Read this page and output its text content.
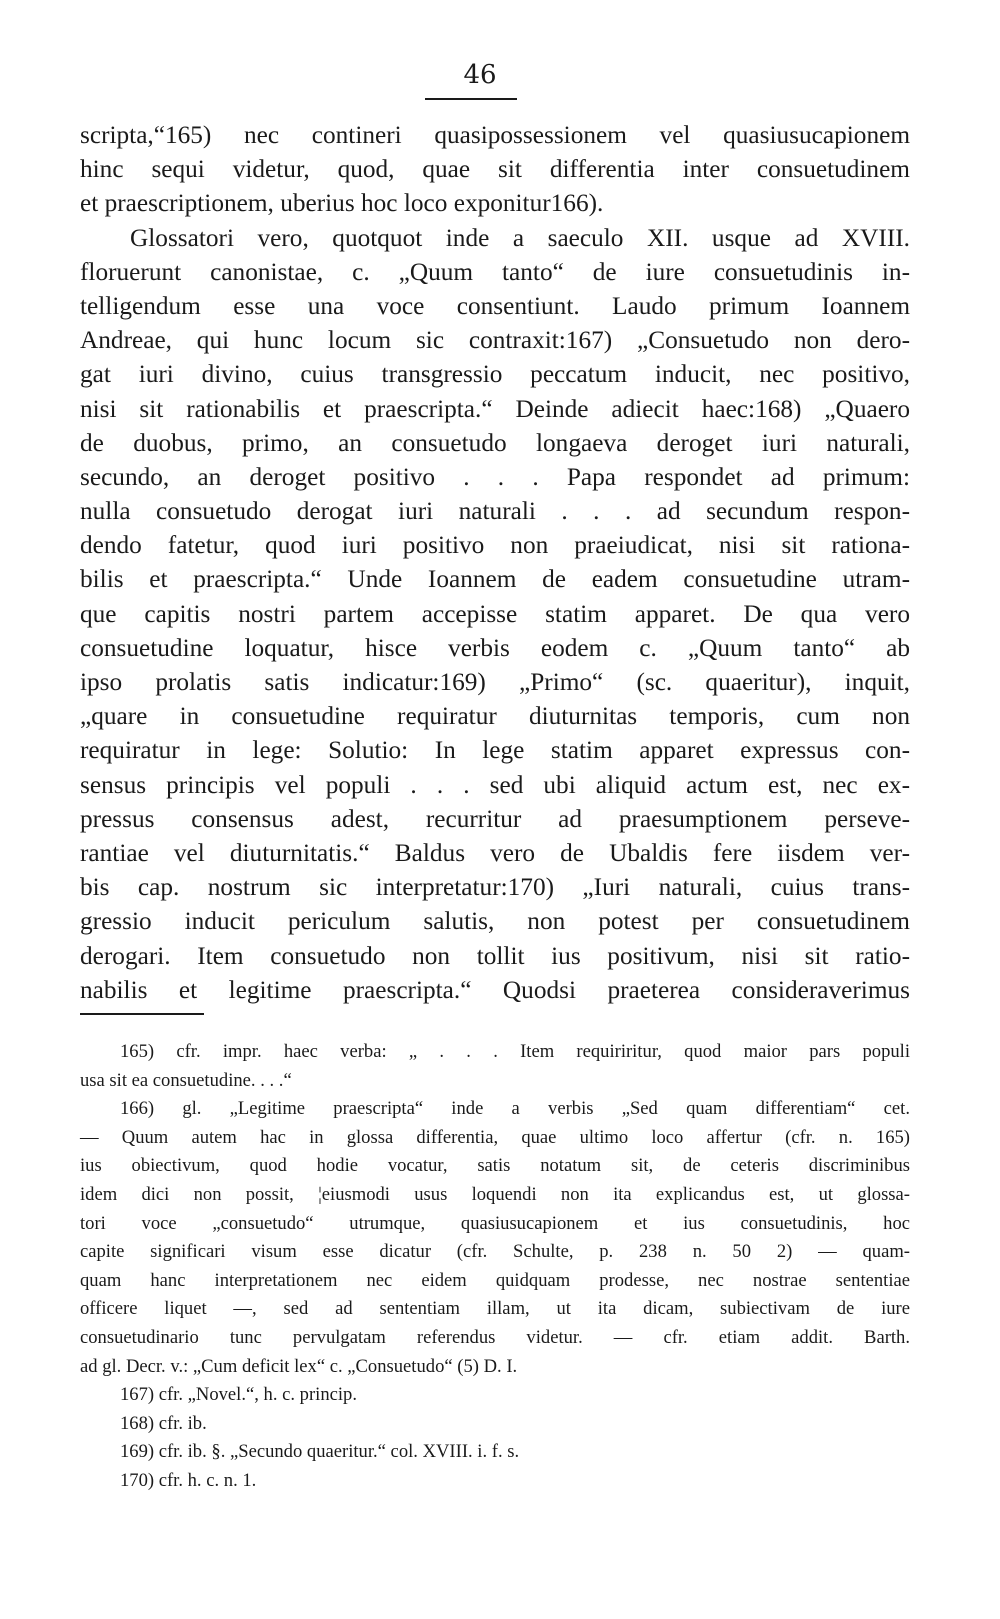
46
scripta,“165) nec contineri quasipossessionem vel quasiusucapionem
hinc sequi videtur, quod, quae sit differentia inter consuetudinem
et praescriptionem, uberius hoc loco exponitur166).
Glossatori vero, quotquot inde a saeculo XII. usque ad XVIII.
floruerunt canonistae, c. „Quum tanto“ de iure consuetudinis in-
telligendum esse una voce consentiunt. Laudo primum Ioannem
Andreae, qui hunc locum sic contraxit:167) „Consuetudo non dero-
gat iuri divino, cuius transgressio peccatum inducit, nec positivo,
nisi sit rationabilis et praescripta.“ Deinde adiecit haec:168) „Quaero
de duobus, primo, an consuetudo longaeva deroget iuri naturali,
secundo, an deroget positivo . . . Papa respondet ad primum:
nulla consuetudo derogat iuri naturali . . . ad secundum respon-
dendo fatetur, quod iuri positivo non praeiudicat, nisi sit rationa-
bilis et praescripta.“ Unde Ioannem de eadem consuetudine utram-
que capitis nostri partem accepisse statim apparet. De qua vero
consuetudine loquatur, hisce verbis eodem c. „Quum tanto“ ab
ipso prolatis satis indicatur:169) „Primo“ (sc. quaeritur), inquit,
„quare in consuetudine requiratur diuturnitas temporis, cum non
requiratur in lege: Solutio: In lege statim apparet expressus con-
sensus principis vel populi . . . sed ubi aliquid actum est, nec ex-
pressus consensus adest, recurritur ad praesumptionem perseve-
rantiae vel diuturnitatis.“ Baldus vero de Ubaldis fere iisdem ver-
bis cap. nostrum sic interpretatur:170) „Iuri naturali, cuius trans-
gressio inducit periculum salutis, non potest per consuetudinem
derogari. Item consuetudo non tollit ius positivum, nisi sit ratio-
nabilis et legitime praescripta.“ Quodsi praeterea consideraverimus
165) cfr. impr. haec verba: „ . . . Item requiriritur, quod maior pars populi
usa sit ea consuetudine. . . .“
166) gl. „Legitime praescripta“ inde a verbis „Sed quam differentiam“ cet.
— Quum autem hac in glossa differentia, quae ultimo loco affertur (cfr. n. 165)
ius obiectivum, quod hodie vocatur, satis notatum sit, de ceteris discriminibus
idem dici non possit, ¦eiusmodi usus loquendi non ita explicandus est, ut glossa-
tori voce „consuetudo“ utrumque, quasiusucapionem et ius consuetudinis, hoc
capite significari visum esse dicatur (cfr. Schulte, p. 238 n. 50 2) — quam-
quam hanc interpretationem nec eidem quidquam prodesse, nec nostrae sententiae
officere liquet —, sed ad sententiam illam, ut ita dicam, subiectivam de iure
consuetudinario tunc pervulgatam referendus videtur. — cfr. etiam addit. Barth.
ad gl. Decr. v.: „Cum deficit lex“ c. „Consuetudo“ (5) D. I.
167) cfr. „Novel.“, h. c. princip.
168) cfr. ib.
169) cfr. ib. §. „Secundo quaeritur.“ col. XVIII. i. f. s.
170) cfr. h. c. n. 1.
